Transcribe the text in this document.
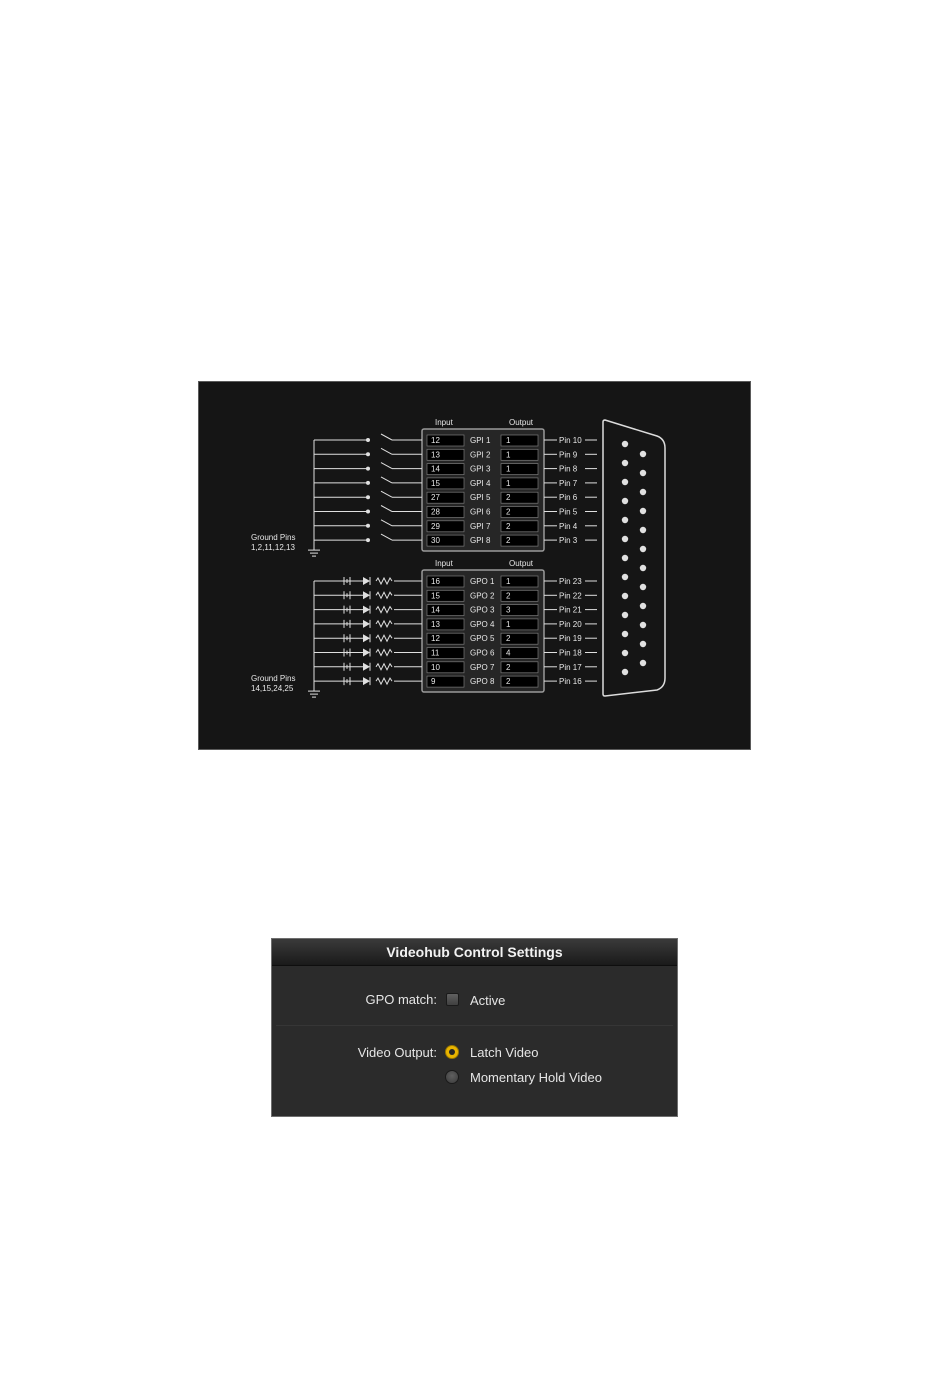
Input	Output
Ground Pins
1,2,11,12,13
12	GPI 1 1	Pin 10
13	GPI 2 1	Pin 9
14	GPI 3 1	Pin 8
15	GPI 4 1	Pin 7
27	GPI 5 2	Pin 6
28	GPI 6 2	Pin 5
29	GPI 7 2	Pin 4
30	GPI 8 2	Pin 3
Input	Output
Ground Pins
14,15,24,25
16	GPO 1 1	Pin 23
15	GPO 2 2	Pin 22
14	GPO 3 3	Pin 21
13	GPO 4 1	Pin 20
12	GPO 5 2	Pin 19
11	GPO 6 4	Pin 18
10	GPO 7 2	Pin 17
9	GPO 8 2	Pin 16
Videohub Control Settings
GPO match:	Active
Video Output:	Latch Video
Momentary Hold Video
